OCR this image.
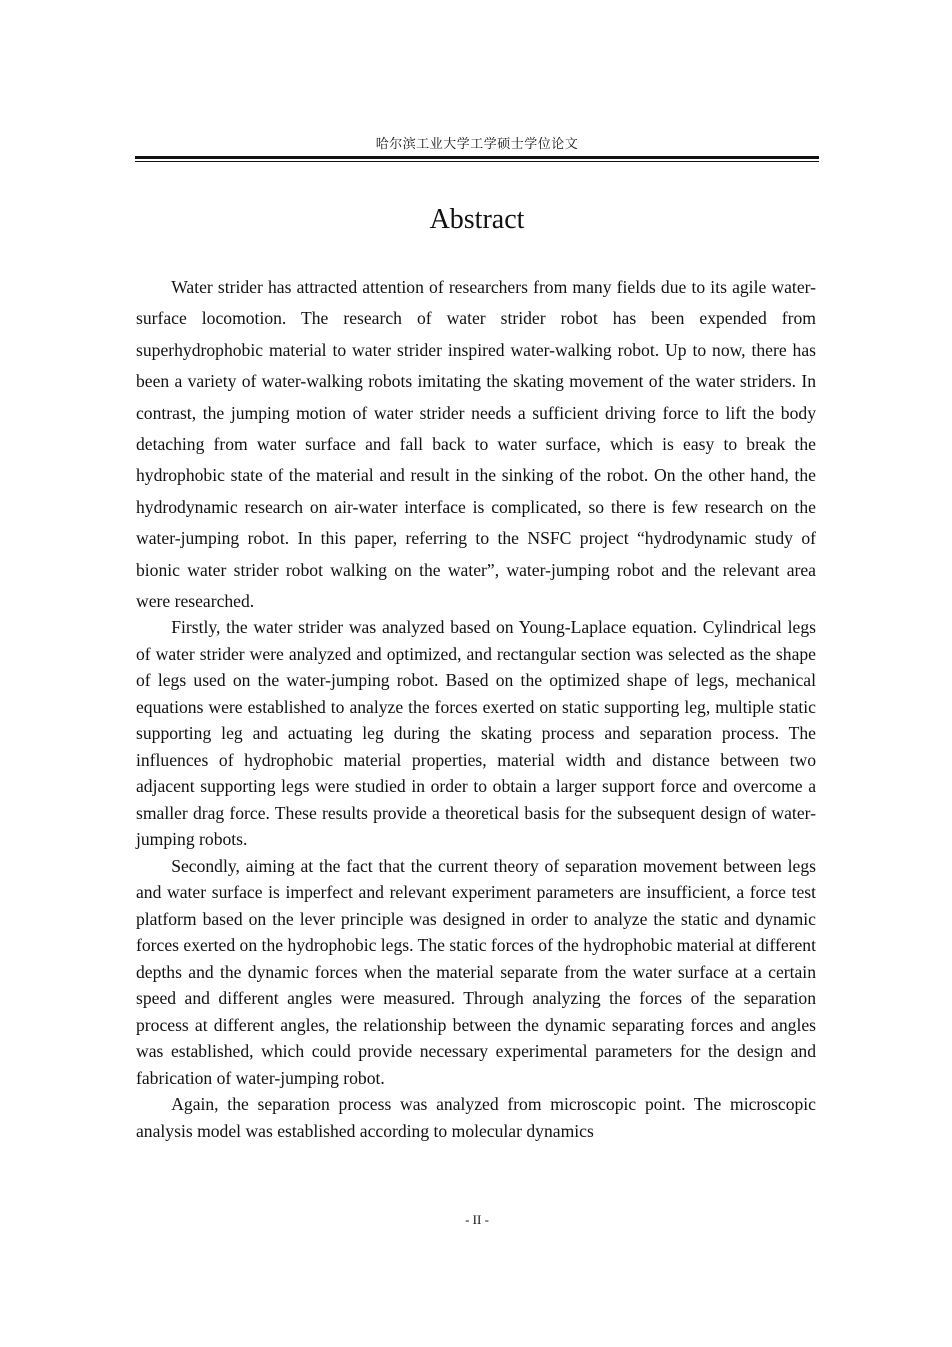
哈尔滨工业大学工学硕士学位论文
Abstract

Water strider has attracted attention of researchers from many fields due to its agile water-surface locomotion. The research of water strider robot has been expended from superhydrophobic material to water strider inspired water-walking robot. Up to now, there has been a variety of water-walking robots imitating the skating movement of the water striders. In contrast, the jumping motion of water strider needs a sufficient driving force to lift the body detaching from water surface and fall back to water surface, which is easy to break the hydrophobic state of the material and result in the sinking of the robot. On the other hand, the hydrodynamic research on air-water interface is complicated, so there is few research on the water-jumping robot. In this paper, referring to the NSFC project “hydrodynamic study of bionic water strider robot walking on the water”, water-jumping robot and the relevant area were researched.

Firstly, the water strider was analyzed based on Young-Laplace equation. Cylindrical legs of water strider were analyzed and optimized, and rectangular section was selected as the shape of legs used on the water-jumping robot. Based on the optimized shape of legs, mechanical equations were established to analyze the forces exerted on static supporting leg, multiple static supporting leg and actuating leg during the skating process and separation process. The influences of hydrophobic material properties, material width and distance between two adjacent supporting legs were studied in order to obtain a larger support force and overcome a smaller drag force. These results provide a theoretical basis for the subsequent design of water-jumping robots.

Secondly, aiming at the fact that the current theory of separation movement between legs and water surface is imperfect and relevant experiment parameters are insufficient, a force test platform based on the lever principle was designed in order to analyze the static and dynamic forces exerted on the hydrophobic legs. The static forces of the hydrophobic material at different depths and the dynamic forces when the material separate from the water surface at a certain speed and different angles were measured. Through analyzing the forces of the separation process at different angles, the relationship between the dynamic separating forces and angles was established, which could provide necessary experimental parameters for the design and fabrication of water-jumping robot.

Again, the separation process was analyzed from microscopic point. The microscopic analysis model was established according to molecular dynamics

- II -
